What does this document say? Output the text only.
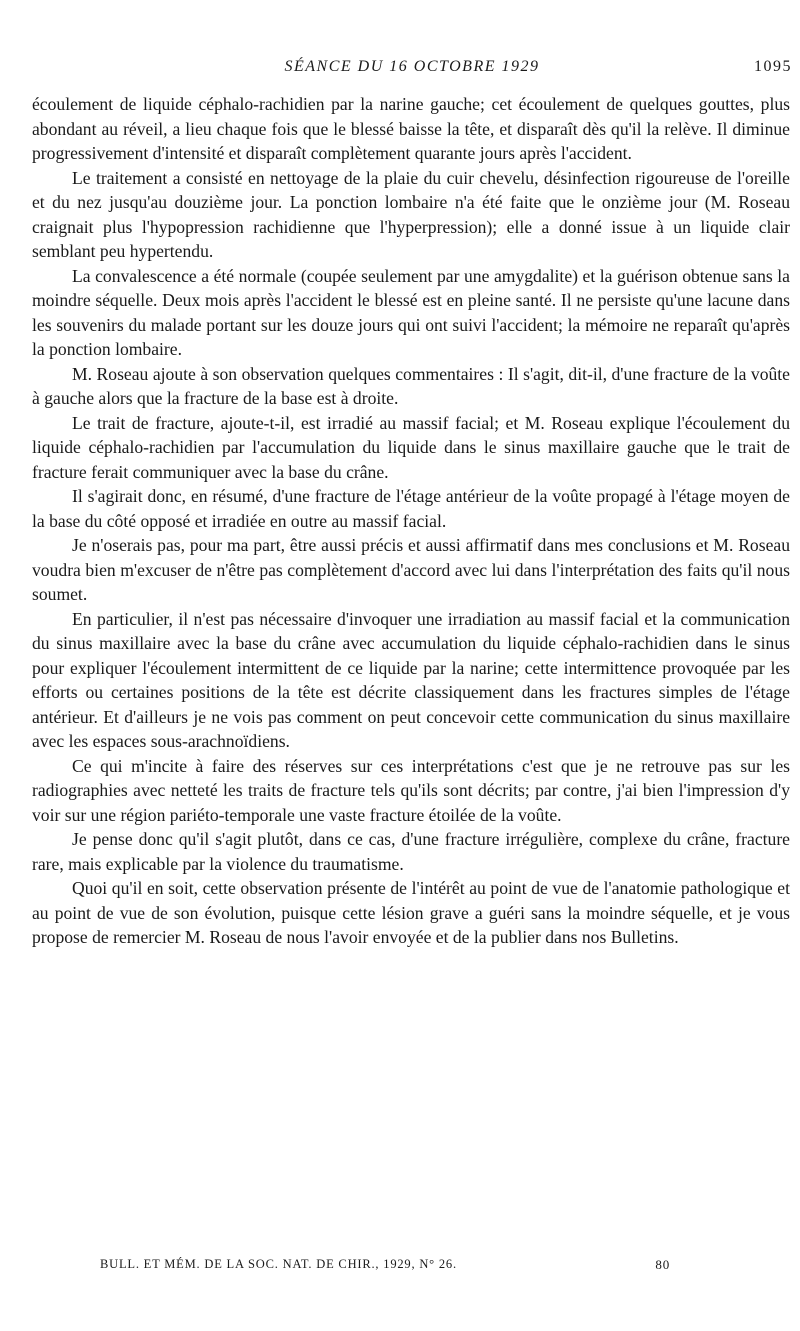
SÉANCE DU 16 OCTOBRE 1929	1095

écoulement de liquide céphalo-rachidien par la narine gauche; cet écoulement de quelques gouttes, plus abondant au réveil, a lieu chaque fois que le blessé baisse la tête, et disparaît dès qu'il la relève. Il diminue progressivement d'intensité et disparaît complètement quarante jours après l'accident.

Le traitement a consisté en nettoyage de la plaie du cuir chevelu, désinfection rigoureuse de l'oreille et du nez jusqu'au douzième jour. La ponction lombaire n'a été faite que le onzième jour (M. Roseau craignait plus l'hypopression rachidienne que l'hyperpression); elle a donné issue à un liquide clair semblant peu hypertendu.

La convalescence a été normale (coupée seulement par une amygdalite) et la guérison obtenue sans la moindre séquelle. Deux mois après l'accident le blessé est en pleine santé. Il ne persiste qu'une lacune dans les souvenirs du malade portant sur les douze jours qui ont suivi l'accident; la mémoire ne reparaît qu'après la ponction lombaire.

M. Roseau ajoute à son observation quelques commentaires : Il s'agit, dit-il, d'une fracture de la voûte à gauche alors que la fracture de la base est à droite.

Le trait de fracture, ajoute-t-il, est irradié au massif facial; et M. Roseau explique l'écoulement du liquide céphalo-rachidien par l'accumulation du liquide dans le sinus maxillaire gauche que le trait de fracture ferait communiquer avec la base du crâne.

Il s'agirait donc, en résumé, d'une fracture de l'étage antérieur de la voûte propagé à l'étage moyen de la base du côté opposé et irradiée en outre au massif facial.

Je n'oserais pas, pour ma part, être aussi précis et aussi affirmatif dans mes conclusions et M. Roseau voudra bien m'excuser de n'être pas complètement d'accord avec lui dans l'interprétation des faits qu'il nous soumet.

En particulier, il n'est pas nécessaire d'invoquer une irradiation au massif facial et la communication du sinus maxillaire avec la base du crâne avec accumulation du liquide céphalo-rachidien dans le sinus pour expliquer l'écoulement intermittent de ce liquide par la narine; cette intermittence provoquée par les efforts ou certaines positions de la tête est décrite classiquement dans les fractures simples de l'étage antérieur. Et d'ailleurs je ne vois pas comment on peut concevoir cette communication du sinus maxillaire avec les espaces sous-arachnoïdiens.

Ce qui m'incite à faire des réserves sur ces interprétations c'est que je ne retrouve pas sur les radiographies avec netteté les traits de fracture tels qu'ils sont décrits; par contre, j'ai bien l'impression d'y voir sur une région pariéto-temporale une vaste fracture étoilée de la voûte.

Je pense donc qu'il s'agit plutôt, dans ce cas, d'une fracture irrégulière, complexe du crâne, fracture rare, mais explicable par la violence du traumatisme.

Quoi qu'il en soit, cette observation présente de l'intérêt au point de vue de l'anatomie pathologique et au point de vue de son évolution, puisque cette lésion grave a guéri sans la moindre séquelle, et je vous propose de remercier M. Roseau de nous l'avoir envoyée et de la publier dans nos Bulletins.

BULL. ET MÉM. DE LA SOC. NAT. DE CHIR., 1929, N° 26.	80
